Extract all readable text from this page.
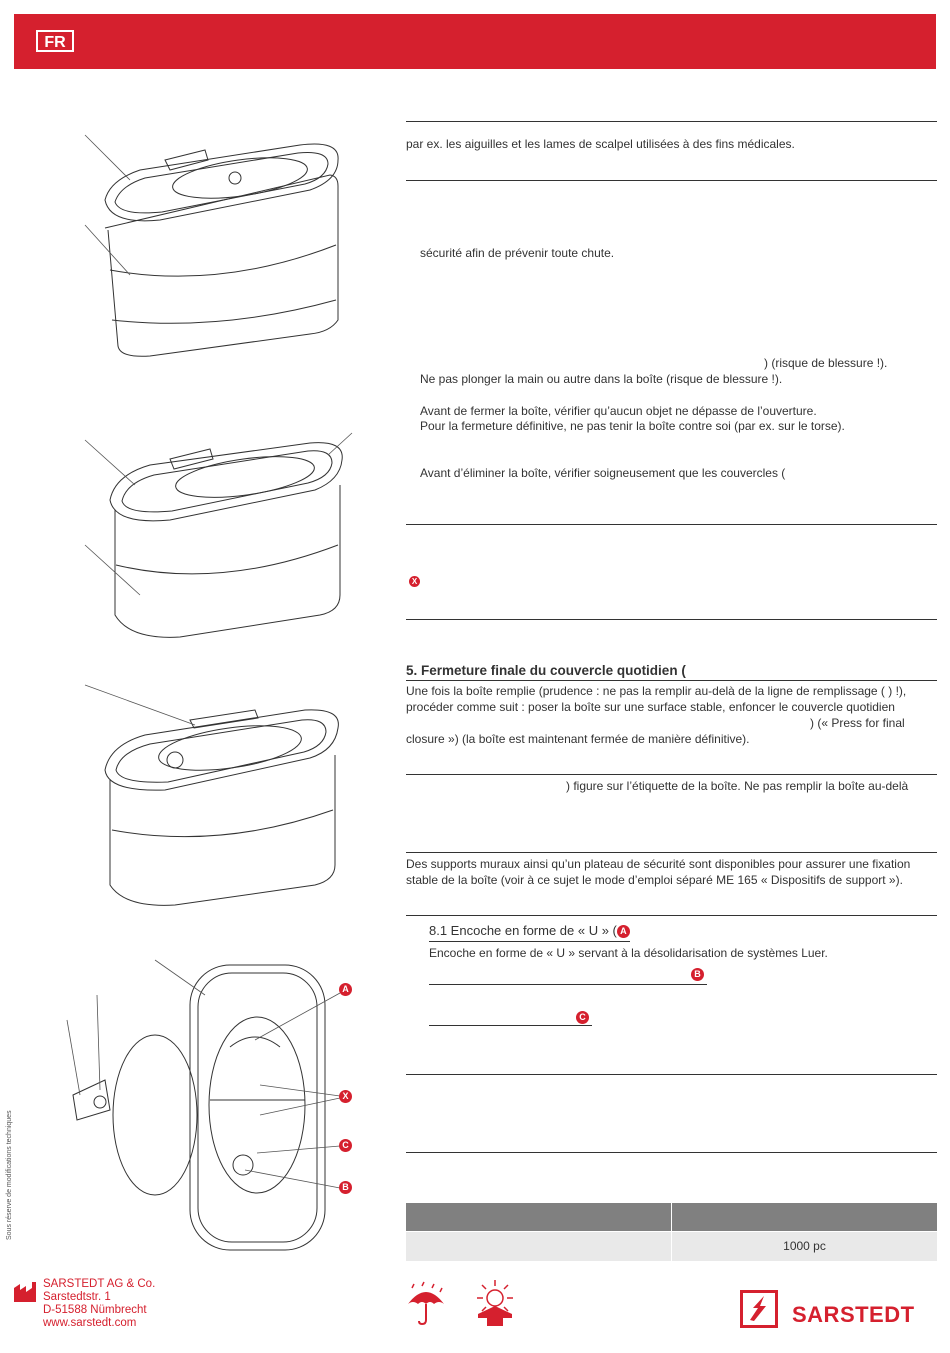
FR
A
X
C
B
par ex. les aiguilles et les lames de scalpel utilisées à des fins médicales.
sécurité afin de prévenir toute chute.
) (risque de blessure !).
Ne pas plonger la main ou autre dans la boîte (risque de blessure !).
Avant de fermer la boîte, vérifier qu’aucun objet ne dépasse de l’ouverture.
Pour la fermeture définitive, ne pas tenir la boîte contre soi (par ex. sur le torse).
Avant d’éliminer la boîte, vérifier soigneusement que les couvercles (
X
5. Fermeture finale du couvercle quotidien (
Une fois la boîte remplie (prudence : ne pas la remplir au-delà de la ligne de remplissage ( ) !),
procéder comme suit : poser la boîte sur une surface stable, enfoncer le couvercle quotidien
) (« Press for final
closure ») (la boîte est maintenant fermée de manière définitive).
) figure sur l’étiquette de la boîte. Ne pas remplir la boîte au-delà
Des supports muraux ainsi qu’un plateau de sécurité sont disponibles pour assurer une fixation
stable de la boîte (voir à ce sujet le mode d’emploi séparé ME 165 « Dispositifs de support »).
8.1 Encoche en forme de « U » ( A
Encoche en forme de « U » servant à la désolidarisation de systèmes Luer.
B
C
1000 pc
Sous réserve de modifications techniques
SARSTEDT AG & Co.
Sarstedtstr. 1
D-51588 Nümbrecht
www.sarstedt.com	SARSTEDT
